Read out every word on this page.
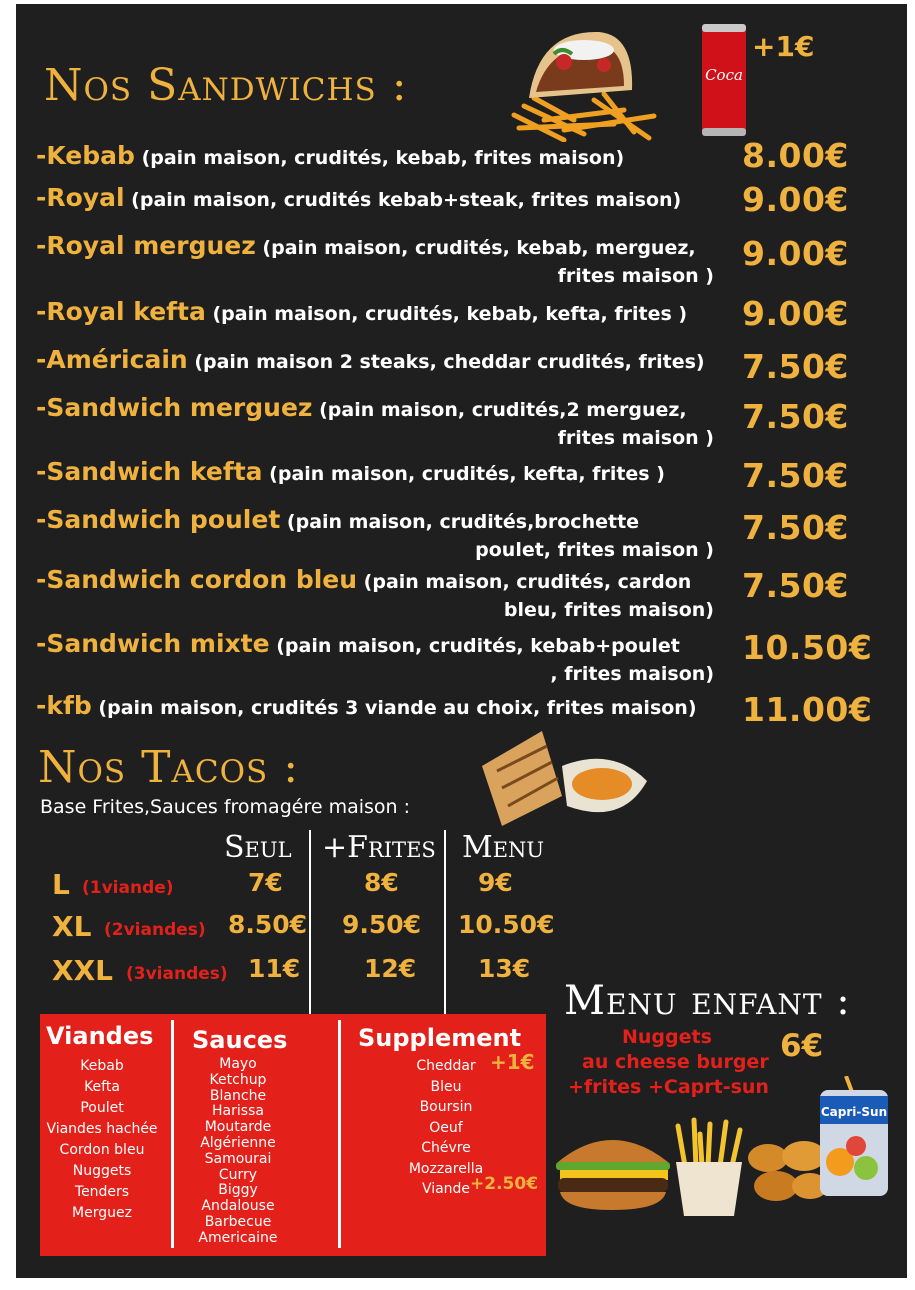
Nos Sandwichs :	Coca
+1€
Nos Tacos :
Base Frites,Sauces fromagére maison :
Seul +Frites Menu
Viandes
Kebab
Kefta
Poulet
Viandes hachée
Cordon bleu
Nuggets
Tenders
Merguez
Sauces
Mayo
Ketchup
Blanche
Harissa
Moutarde
Algérienne
Samourai
Curry
Biggy
Andalouse
Barbecue
Americaine
Supplement
Cheddar
Bleu
Boursin
Oeuf
Chévre
Mozzarella
Viande
+1€
+2.50€
Menu enfant :
Nuggets
au cheese burger
+frites +Caprt-sun
6€
Capri-Sun
-Kebab (pain maison, crudités, kebab, frites maison)	8.00€
-Royal (pain maison, crudités kebab+steak, frites maison)	9.00€
-Royal merguez (pain maison, crudités, kebab, merguez,
frites maison )
9.00€
-Royal kefta (pain maison, crudités, kebab, kefta, frites )	9.00€
-Américain (pain maison 2 steaks, cheddar crudités, frites)	7.50€
-Sandwich merguez (pain maison, crudités,2 merguez,
frites maison )
7.50€
-Sandwich kefta (pain maison, crudités, kefta, frites )	7.50€
-Sandwich poulet (pain maison, crudités,brochette
poulet, frites maison )
7.50€
-Sandwich cordon bleu (pain maison, crudités, cardon
bleu, frites maison)
7.50€
-Sandwich mixte (pain maison, crudités, kebab+poulet
, frites maison)
10.50€
-kfb (pain maison, crudités 3 viande au choix, frites maison)	11.00€
L (1viande)	7€	8€	9€
XL (2viandes) 8.50€ 9.50€ 10.50€
XXL (3viandes) 11€	12€ 13€
